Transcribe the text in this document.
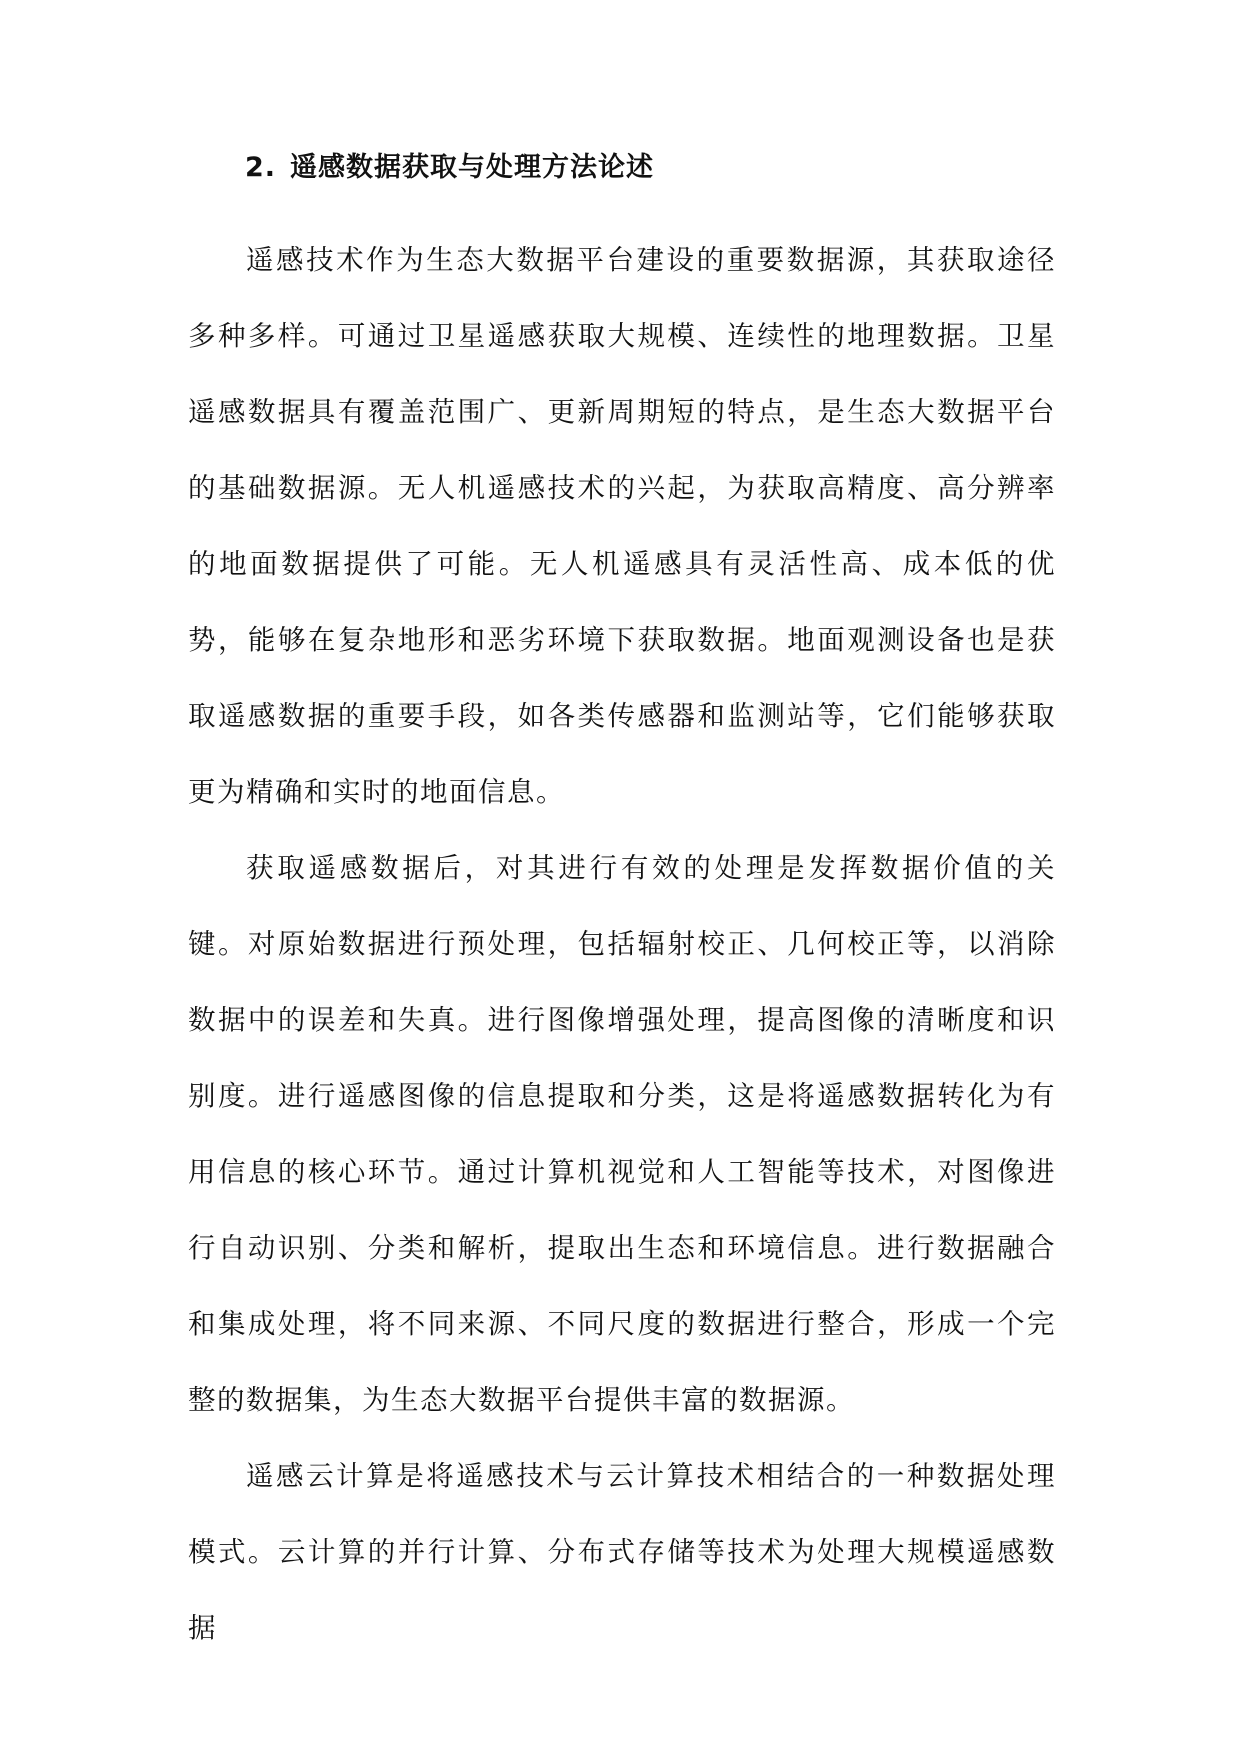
2. 遥感数据获取与处理方法论述

遥感技术作为生态大数据平台建设的重要数据源，其获取途径多种多样。可通过卫星遥感获取大规模、连续性的地理数据。卫星遥感数据具有覆盖范围广、更新周期短的特点，是生态大数据平台的基础数据源。无人机遥感技术的兴起，为获取高精度、高分辨率的地面数据提供了可能。无人机遥感具有灵活性高、成本低的优势，能够在复杂地形和恶劣环境下获取数据。地面观测设备也是获取遥感数据的重要手段，如各类传感器和监测站等，它们能够获取更为精确和实时的地面信息。

获取遥感数据后，对其进行有效的处理是发挥数据价值的关键。对原始数据进行预处理，包括辐射校正、几何校正等，以消除数据中的误差和失真。进行图像增强处理，提高图像的清晰度和识别度。进行遥感图像的信息提取和分类，这是将遥感数据转化为有用信息的核心环节。通过计算机视觉和人工智能等技术，对图像进行自动识别、分类和解析，提取出生态和环境信息。进行数据融合和集成处理，将不同来源、不同尺度的数据进行整合，形成一个完整的数据集，为生态大数据平台提供丰富的数据源。

遥感云计算是将遥感技术与云计算技术相结合的一种数据处理模式。云计算的并行计算、分布式存储等技术为处理大规模遥感数据
